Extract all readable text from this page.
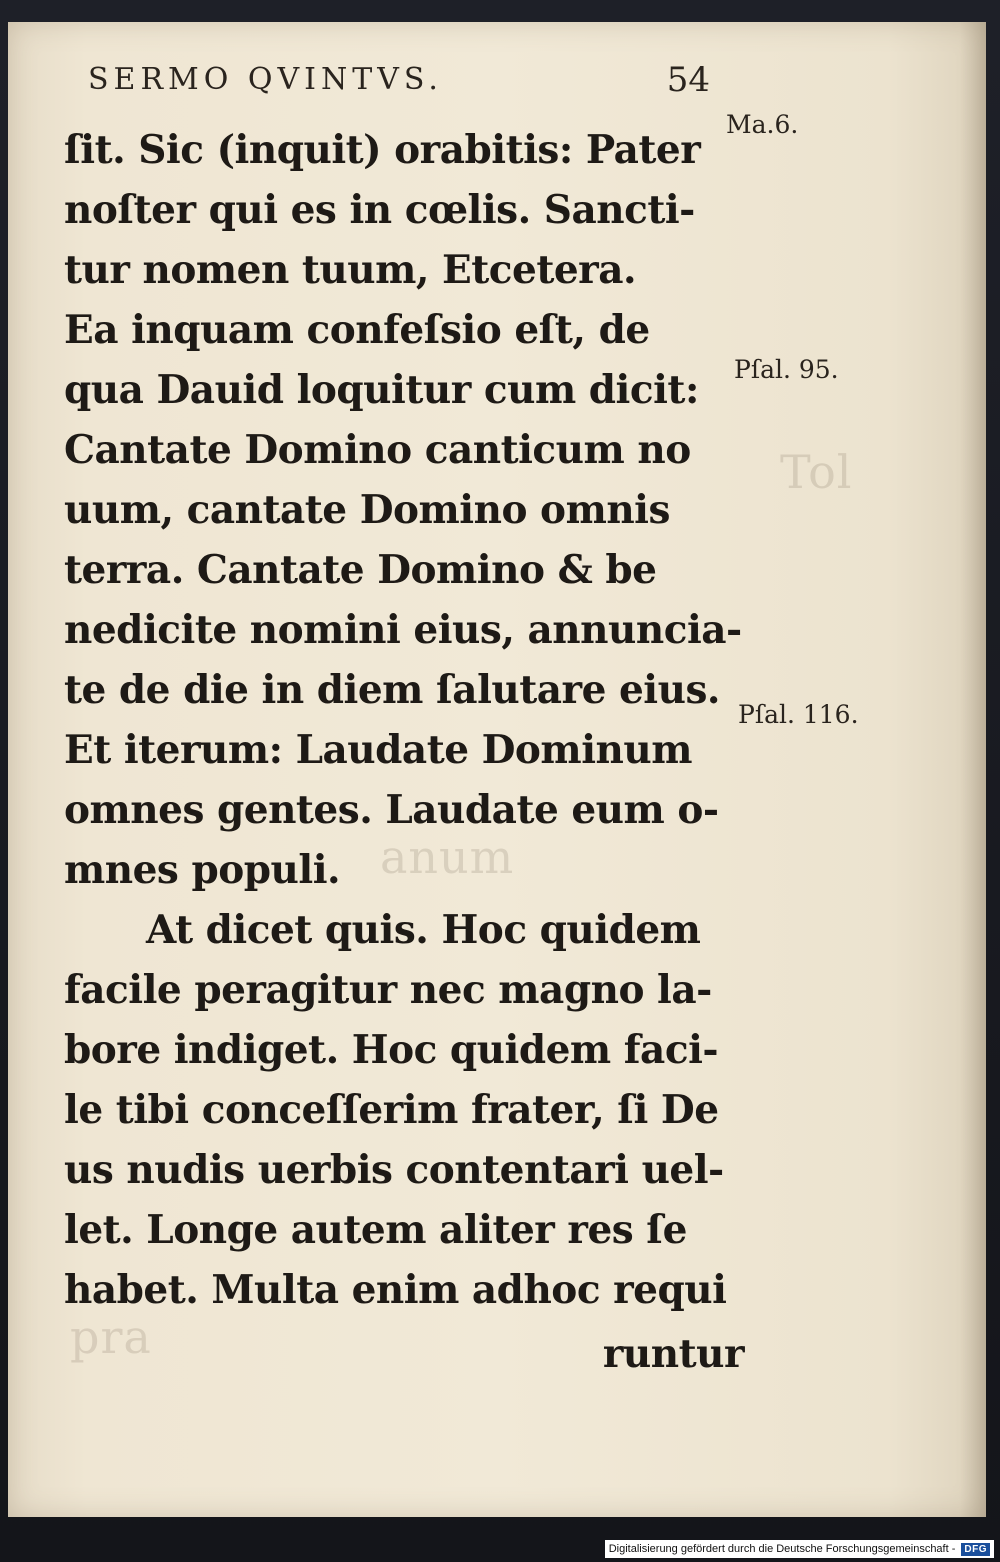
Tol
anum
pra
SERMO QVINTVS.	54
ſit. Sic (inquit) orabitis: Pater
noſter qui es in cœlis. Sancti-
tur nomen tuum, Etcetera.
Ea inquam confeſsio eſt, de
qua Dauid loquitur cum dicit:
Cantate Domino canticum no
uum, cantate Domino omnis
terra. Cantate Domino & be
nedicite nomini eius, annuncia-
te de die in diem ſalutare eius.
Et iterum: Laudate Dominum
omnes gentes. Laudate eum o-
mnes populi.
At dicet quis. Hoc quidem
facile peragitur nec magno la-
bore indiget. Hoc quidem faci-
le tibi conceſſerim frater, ſi De
us nudis uerbis contentari uel-
let. Longe autem aliter res ſe
habet. Multa enim adhoc requi
runtur
Ma.6.
Pſal. 95.
Pſal. 116.
Digitalisierung gefördert durch die Deutsche Forschungsgemeinschaft - DFG
